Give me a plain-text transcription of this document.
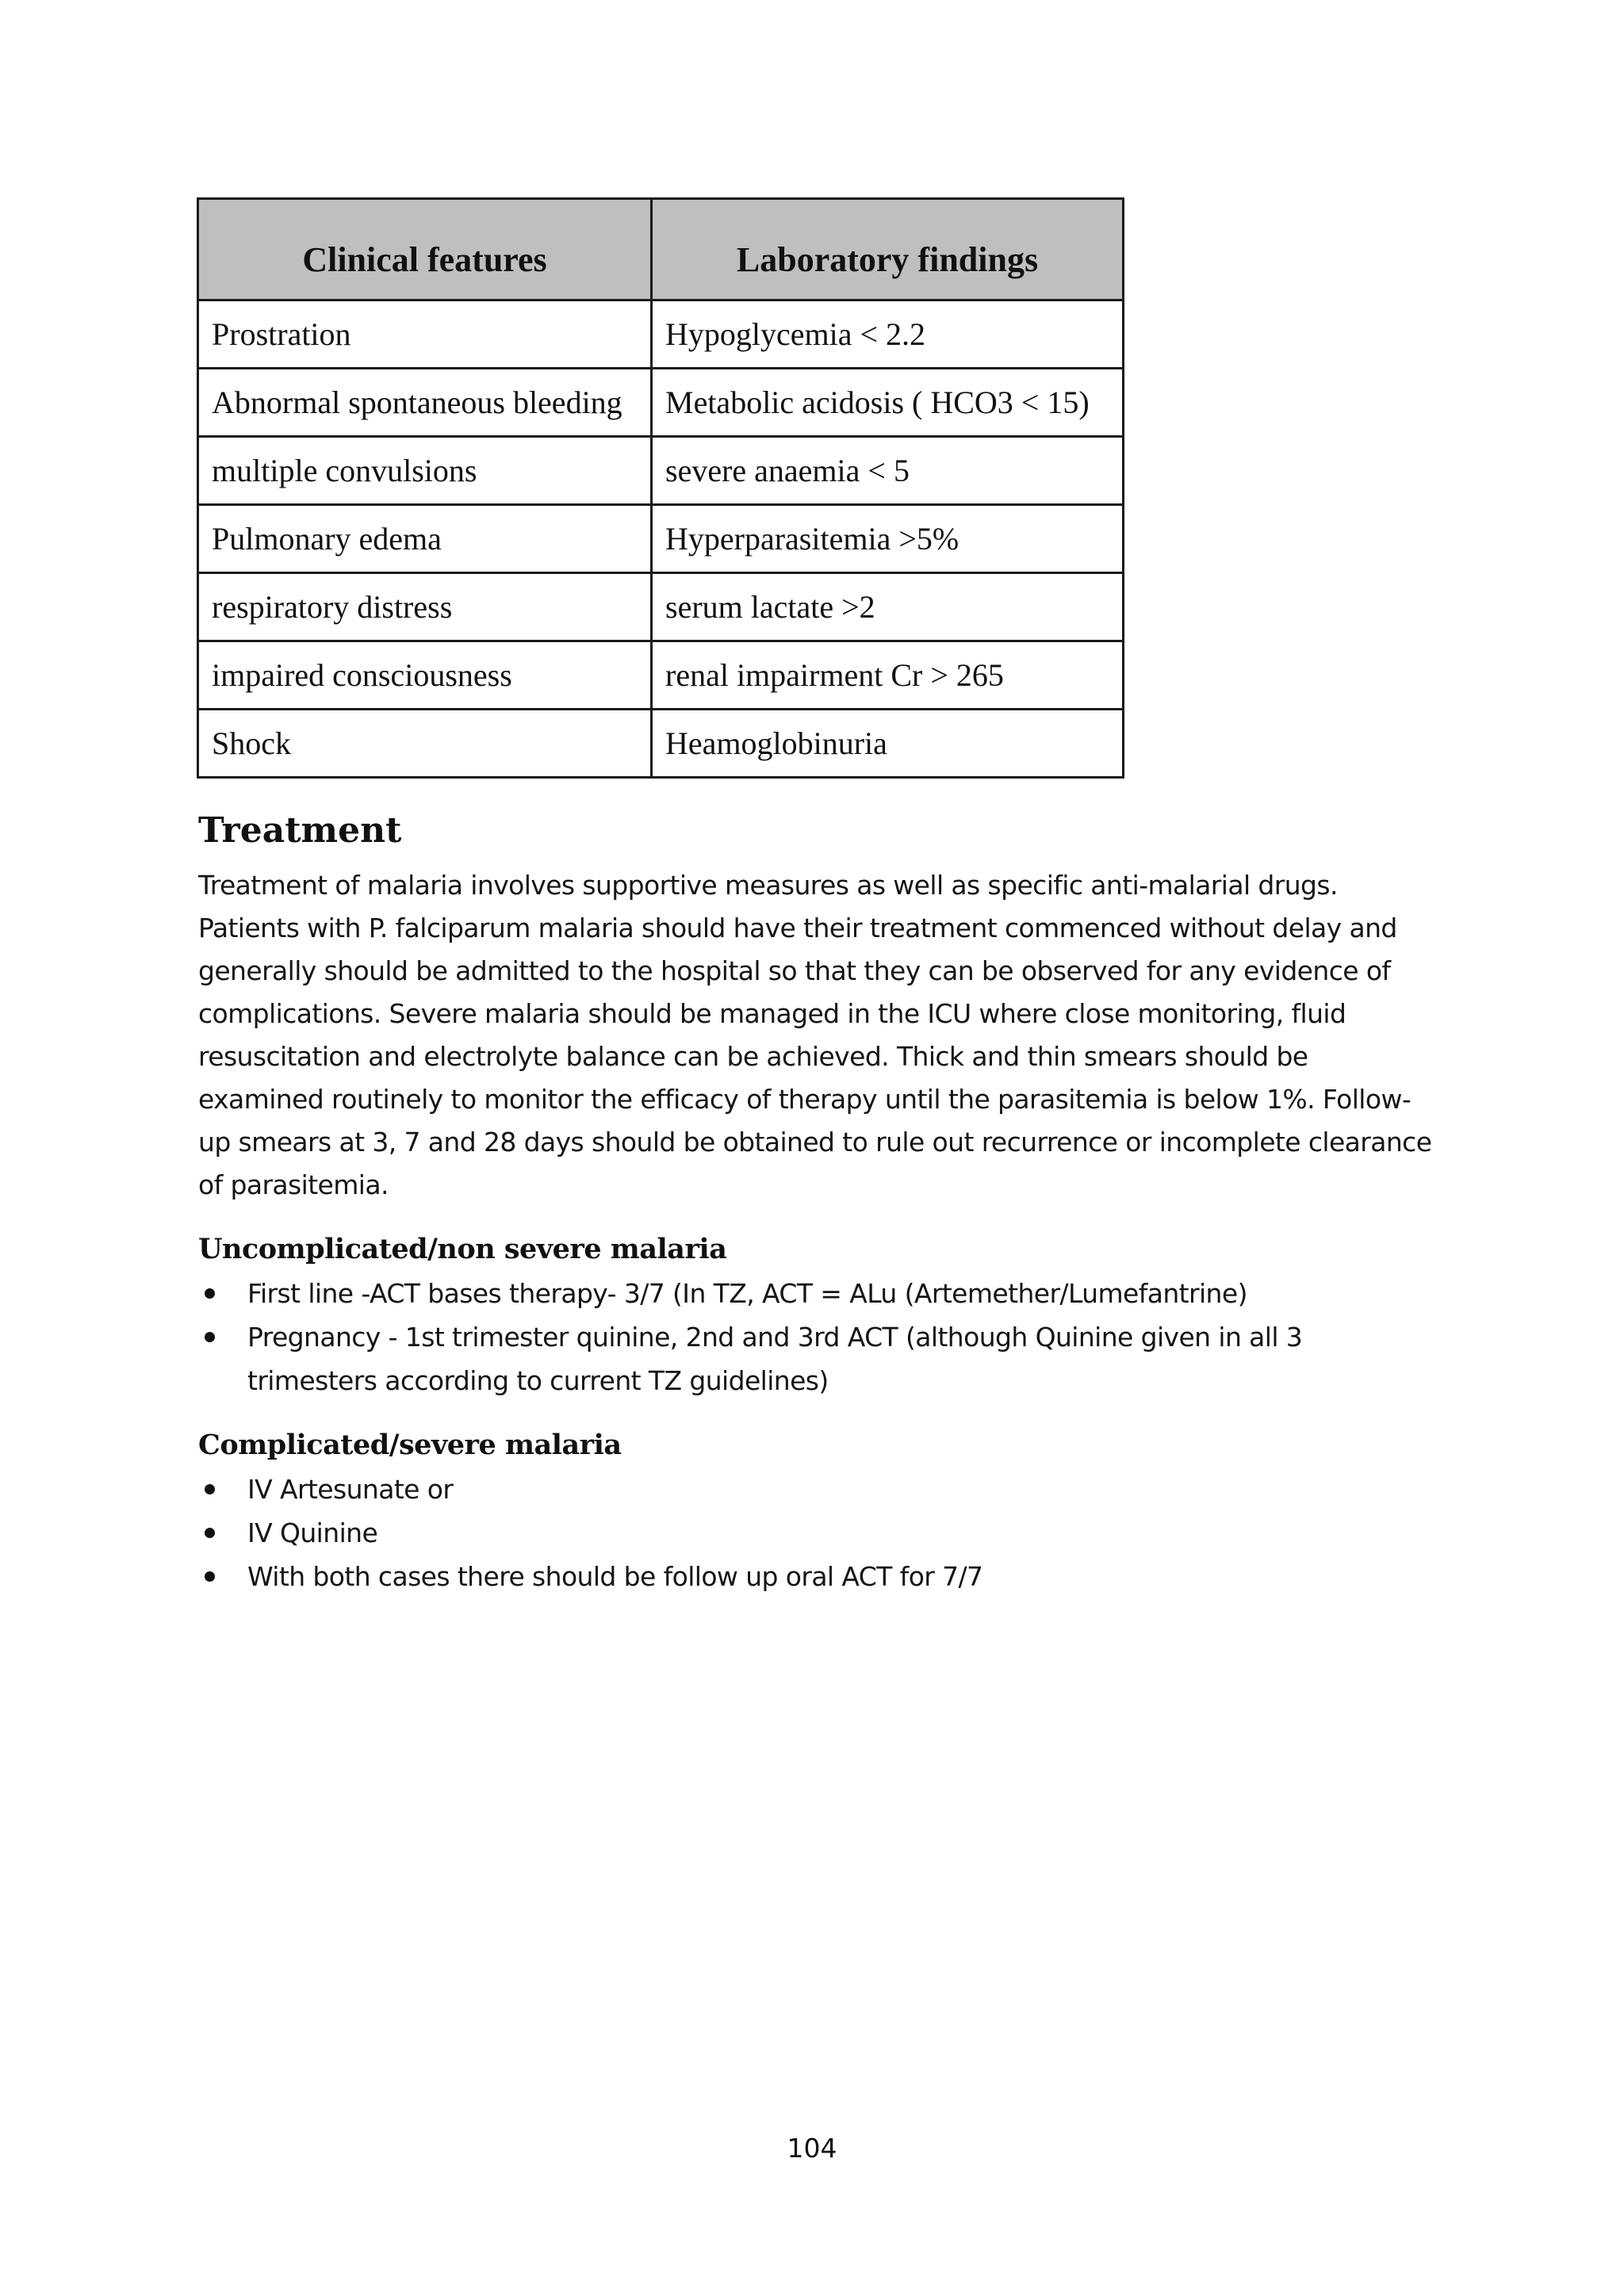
Clinical features	Laboratory findings
Prostration	Hypoglycemia < 2.2
Abnormal spontaneous bleeding	Metabolic acidosis ( HCO3 < 15)
multiple convulsions	severe anaemia < 5
Pulmonary edema	Hyperparasitemia >5%
respiratory distress	serum lactate >2
impaired consciousness	renal impairment Cr > 265
Shock	Heamoglobinuria
Treatment

Treatment of malaria involves supportive measures as well as specific anti-malarial drugs. Patients with P. falciparum malaria should have their treatment commenced without delay and generally should be admitted to the hospital so that they can be observed for any evidence of complications. Severe malaria should be managed in the ICU where close monitoring, fluid resuscitation and electrolyte balance can be achieved. Thick and thin smears should be examined routinely to monitor the efficacy of therapy until the parasitemia is below 1%. Follow-up smears at 3, 7 and 28 days should be obtained to rule out recurrence or incomplete clearance of parasitemia.

Uncomplicated/non severe malaria
First line -ACT bases therapy- 3/7 (In TZ, ACT = ALu (Artemether/Lumefantrine)
Pregnancy - 1st trimester quinine, 2nd and 3rd ACT (although Quinine given in all 3 trimesters according to current TZ guidelines)
Complicated/severe malaria
IV Artesunate or
IV Quinine
With both cases there should be follow up oral ACT for 7/7
104
